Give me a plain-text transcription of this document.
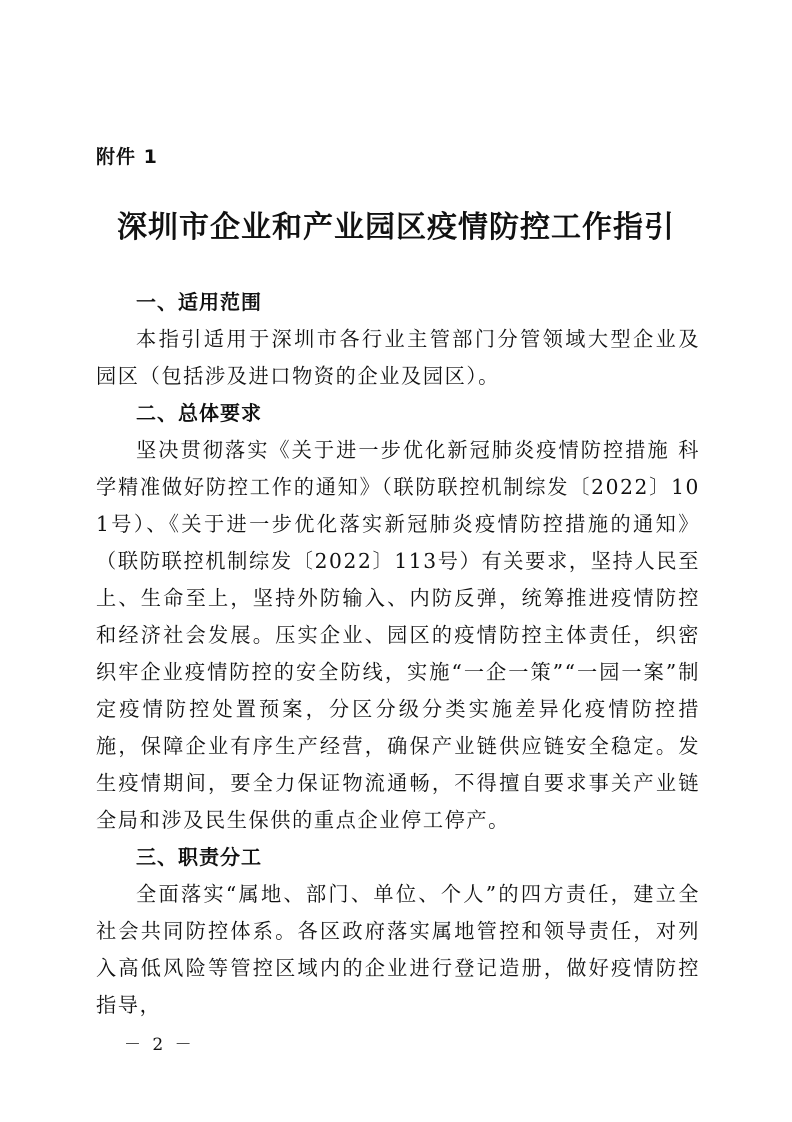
附件 1
深圳市企业和产业园区疫情防控工作指引
一、适用范围

本指引适用于深圳市各行业主管部门分管领域大型企业及园区（包括涉及进口物资的企业及园区）。

二、总体要求

坚决贯彻落实《关于进一步优化新冠肺炎疫情防控措施 科学精准做好防控工作的通知》（联防联控机制综发〔2022〕101号）、《关于进一步优化落实新冠肺炎疫情防控措施的通知》（联防联控机制综发〔2022〕113号）有关要求，坚持人民至上、生命至上，坚持外防输入、内防反弹，统筹推进疫情防控和经济社会发展。压实企业、园区的疫情防控主体责任，织密织牢企业疫情防控的安全防线，实施“一企一策”“一园一案”制定疫情防控处置预案，分区分级分类实施差异化疫情防控措施，保障企业有序生产经营，确保产业链供应链安全稳定。发生疫情期间，要全力保证物流通畅，不得擅自要求事关产业链全局和涉及民生保供的重点企业停工停产。

三、职责分工

全面落实“属地、部门、单位、个人”的四方责任，建立全社会共同防控体系。各区政府落实属地管控和领导责任，对列入高低风险等管控区域内的企业进行登记造册，做好疫情防控指导，

－ 2 －
